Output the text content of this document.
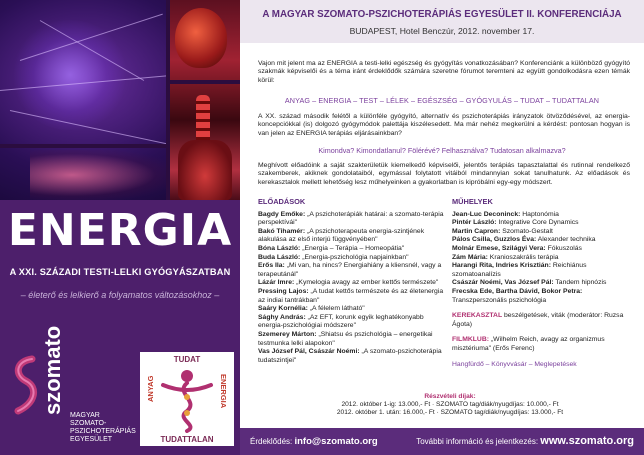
ENERGIA
A XXI. SZÁZADI TESTI-LELKI GYÓGYÁSZATBAN
– életerő és lelkierő a folyamatos változásokhoz –
szomato
MAGYAR
SZOMATO-
PSZICHOTERÁPIÁS
EGYESÜLET
TUDAT
ANYAG	ENERGIA
TUDATTALAN
A MAGYAR SZOMATO-PSZICHOTERÁPIÁS EGYESÜLET II. KONFERENCIÁJA
BUDAPEST, Hotel Benczúr, 2012. november 17.
Vajon mit jelent ma az ENERGIA a testi-lelki egészség és gyógyítás vonatkozásában? Konferenciánk a különböző gyógyító szakmák képviselői és a téma iránt érdeklődők számára szeretne fórumot teremteni az együtt gondolkodásra ezen témák körül:
ANYAG – ENERGIA – TEST – LÉLEK – EGÉSZSÉG – GYÓGYULÁS – TUDAT – TUDATTALAN
A XX. század második felétől a különféle gyógyító, alternatív és pszichoterápiás irányzatok ötvöződésével, az energia-koncepciókkal (is) dolgozó gyógymódok palettája kiszélesedett. Ma már nehéz megkerülni a kérdést: pontosan hogyan is van jelen az ENERGIA terápiás eljárásainkban?
Kimondva? Kimondatlanul? Fölérévé? Felhasználva? Tudatosan alkalmazva?
Meghívott előadóink a saját szakterületük kiemelkedő képviselői, jelentős terápiás tapasztalattal és rutinnal rendelkező szakemberek, akiknek gondolataiból, egymással folytatott vitáiból mindannyian sokat tanulhatunk. Az előadások és kerekasztalok mellett lehetőség lesz műhelyeinken a gyakorlatban is kipróbálni egy-egy módszert.
ELŐADÁSOK

Bagdy Emőke: „A pszichoterápiák határai: a szomato-terápia perspektívái"

Bakó Tihamér: „A pszichoterapeuta energia-szintjének alakulása az első interjú függvényében"

Bóna László: „Energia – Terápia – Homeopátia"

Buda László: „Energia-pszichológia napjainkban"

Erős Ila: „Mi van, ha nincs? Energiahiány a kliensnél, vagy a terapeutánál"

Lázár Imre: „Kymelogia avagy az ember kettős természete"

Pressing Lajos: „A tudat kettős természete és az életenergia az indiai tantrákban"

Saáry Kornélia: „A félelem látható"

Sághy András: „Az EFT, korunk egyik leghatékonyabb energia-pszichológiai módszere"

Szemerey Márton: „Shiatsu és pszichológia – energetikai testmunka lelki alapokon"

Vas József Pál, Császár Noémi: „A szomato-pszichoterápia tudatszintjei"

MŰHELYEK

Jean-Luc Deconinck: Haptonómia

Pintér László: Integrative Core Dynamics

Martin Capron: Szomato-Gestalt

Pálos Csilla, Guzzlos Éva: Alexander technika

Molnár Emese, Szilágyi Vera: Fókuszolás

Zám Mária: Kranioszakrális terápia

Harangi Rita, Indries Krisztián: Reichiánus szomatoanalízis

Császár Noémi, Vas József Pál: Tandem hipnózis

Frecska Ede, Bartha Dávid, Bokor Petra: Transzperszonális pszichológia

KEREKASZTAL beszélgetések, viták (moderátor: Ruzsa Ágota)

FILMKLUB: „Wilhelm Reich, avagy az organizmus misztériuma" (Erős Ferenc)

Hangfürdő – Könyvvásár – Meglepetések

Részvételi díjak:
2012. október 1-ig: 13.000,- Ft · SZOMATO tag/diák/nyugdíjas: 10.000,- Ft
2012. október 1. után: 16.000,- Ft · SZOMATO tag/diák/nyugdíjas: 13.000,- Ft
Érdeklődés: info@szomato.org	További információ és jelentkezés: www.szomato.org
